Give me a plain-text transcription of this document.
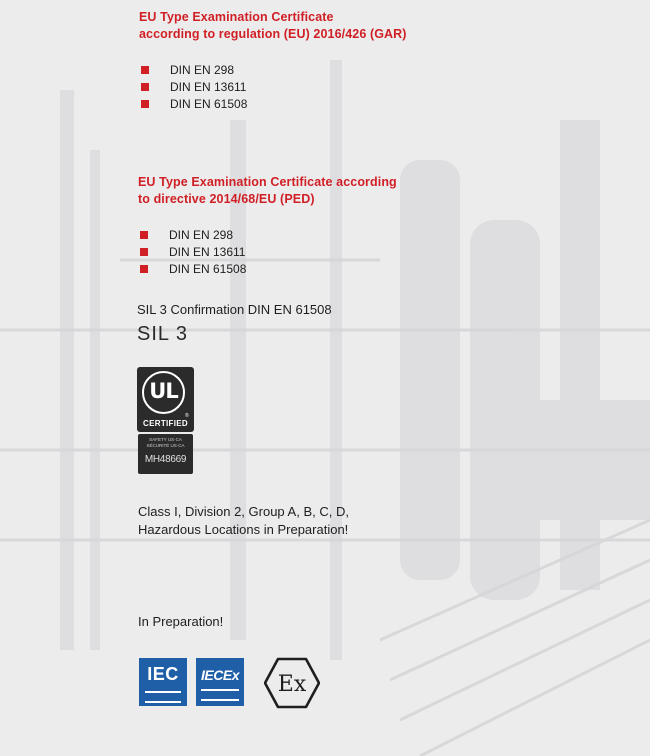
EU Type Examination Certificate
according to regulation (EU) 2016/426 (GAR)
DIN EN 298
DIN EN 13611
DIN EN 61508
EU Type Examination Certificate according
to directive 2014/68/EU (PED)
DIN EN 298
DIN EN 13611
DIN EN 61508
SIL 3 Confirmation DIN EN 61508
SIL 3
UL
®
CERTIFIED
SAFETY US·CA
SÉCURITÉ US·CA
MH48669
Class I, Division 2, Group A, B, C, D,
Hazardous Locations in Preparation!
In Preparation!
IEC	IECEx Ex
